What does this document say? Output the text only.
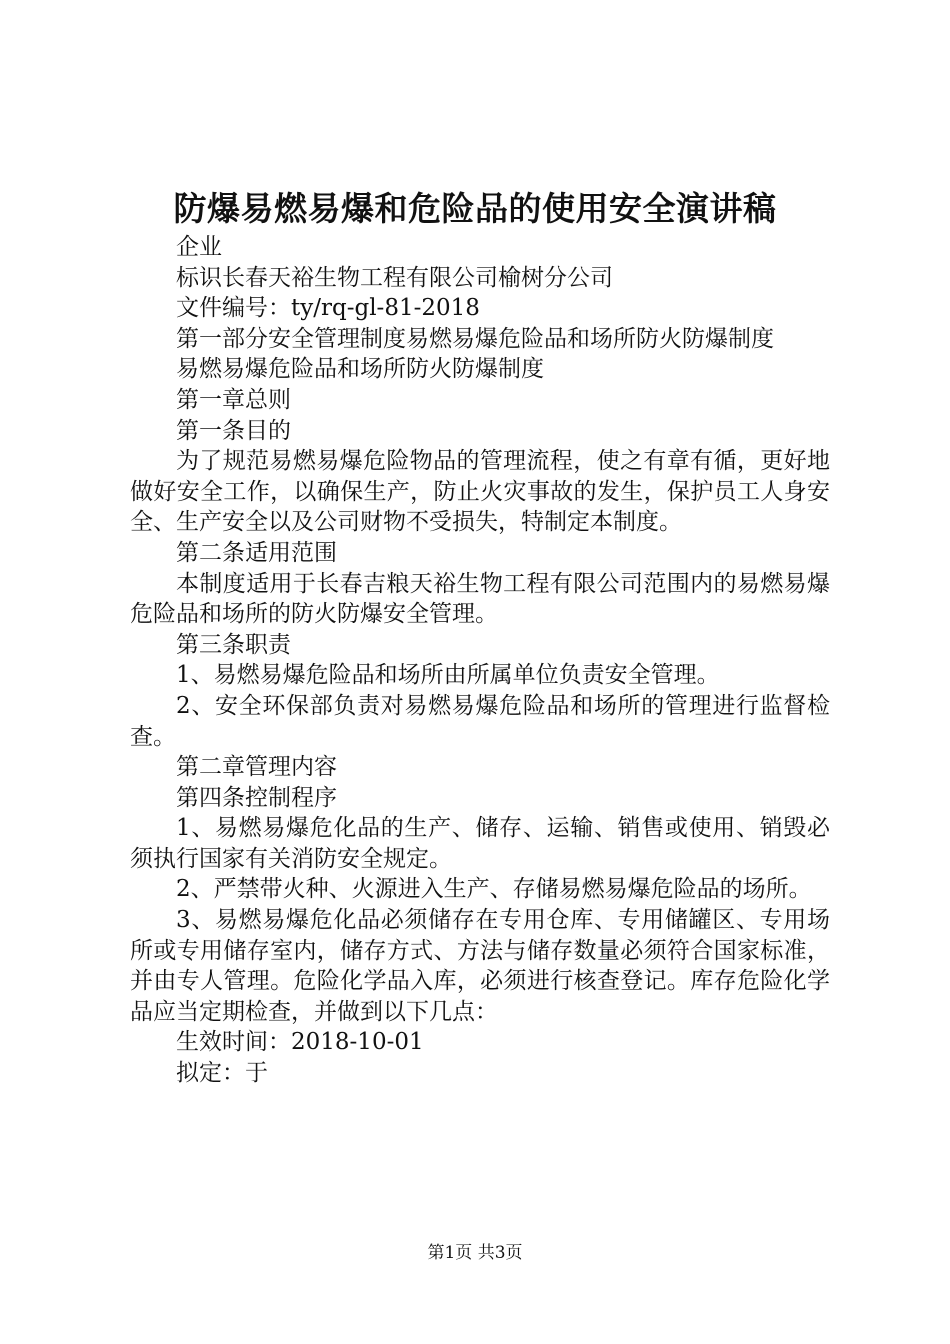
防爆易燃易爆和危险品的使用安全演讲稿

企业

标识长春天裕生物工程有限公司榆树分公司

文件编号：ty/rq-gl-81-2018

第一部分安全管理制度易燃易爆危险品和场所防火防爆制度

易燃易爆危险品和场所防火防爆制度

第一章总则

第一条目的

为了规范易燃易爆危险物品的管理流程，使之有章有循，更好地做好安全工作，以确保生产，防止火灾事故的发生，保护员工人身安全、生产安全以及公司财物不受损失，特制定本制度。

第二条适用范围

本制度适用于长春吉粮天裕生物工程有限公司范围内的易燃易爆危险品和场所的防火防爆安全管理。

第三条职责

1、易燃易爆危险品和场所由所属单位负责安全管理。

2、安全环保部负责对易燃易爆危险品和场所的管理进行监督检查。

第二章管理内容

第四条控制程序

1、易燃易爆危化品的生产、储存、运输、销售或使用、销毁必须执行国家有关消防安全规定。

2、严禁带火种、火源进入生产、存储易燃易爆危险品的场所。

3、易燃易爆危化品必须储存在专用仓库、专用储罐区、专用场所或专用储存室内，储存方式、方法与储存数量必须符合国家标准，并由专人管理。危险化学品入库，必须进行核查登记。库存危险化学品应当定期检查，并做到以下几点：

生效时间：2018-10-01

拟定：于

第1页 共3页
